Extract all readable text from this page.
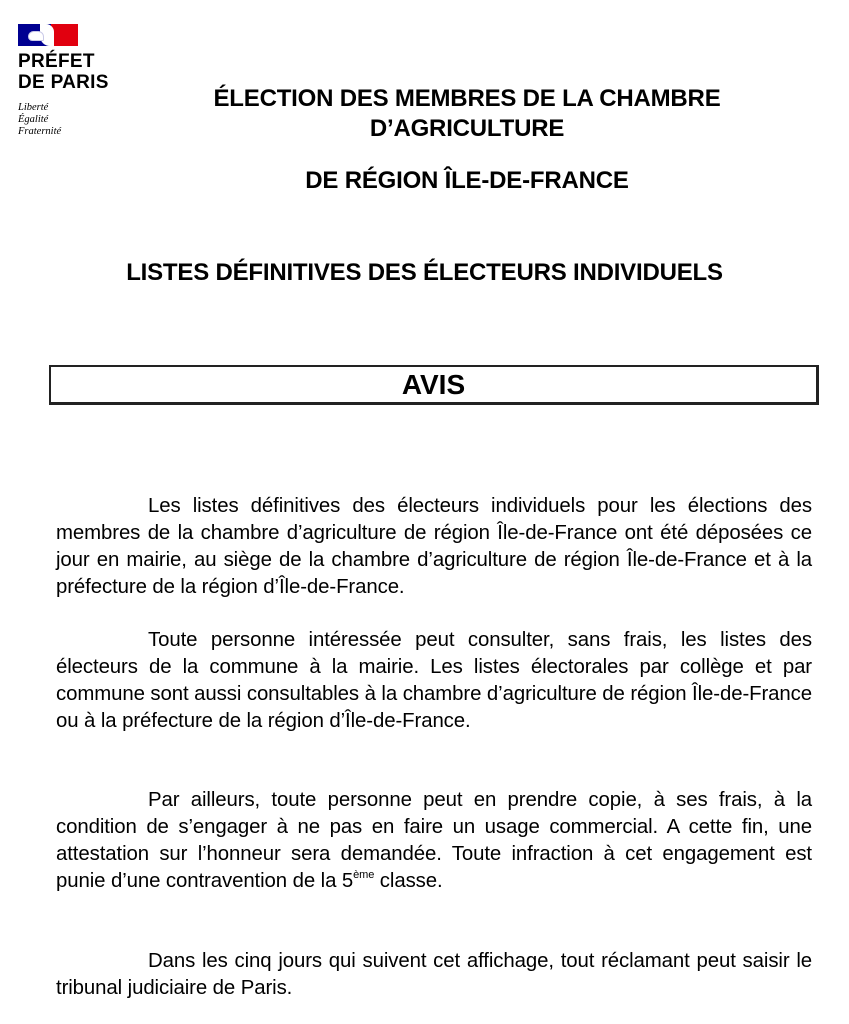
PRÉFET
DE PARIS
Liberté
Égalité
Fraternité
ÉLECTION DES MEMBRES DE LA CHAMBRE D’AGRICULTURE
DE RÉGION ÎLE-DE-FRANCE
LISTES DÉFINITIVES DES ÉLECTEURS INDIVIDUELS
AVIS
Les listes définitives des électeurs individuels pour les élections des membres de la chambre d’agriculture de région Île-de-France ont été déposées ce jour en mairie, au siège de la chambre d’agriculture de région Île-de-France et à la préfecture de la région d’Île-de-France.
Toute personne intéressée peut consulter, sans frais, les listes des électeurs de la commune à la mairie. Les listes électorales par collège et par commune sont aussi consultables à la chambre d’agriculture de région Île-de-France ou à la préfecture de la région d’Île-de-France.
Par ailleurs, toute personne peut en prendre copie, à ses frais, à la condition de s’engager à ne pas en faire un usage commercial. A cette fin, une attestation sur l’honneur sera demandée. Toute infraction à cet engagement est punie d’une contravention de la 5ème classe.
Dans les cinq jours qui suivent cet affichage, tout réclamant peut saisir le tribunal judiciaire de Paris.
